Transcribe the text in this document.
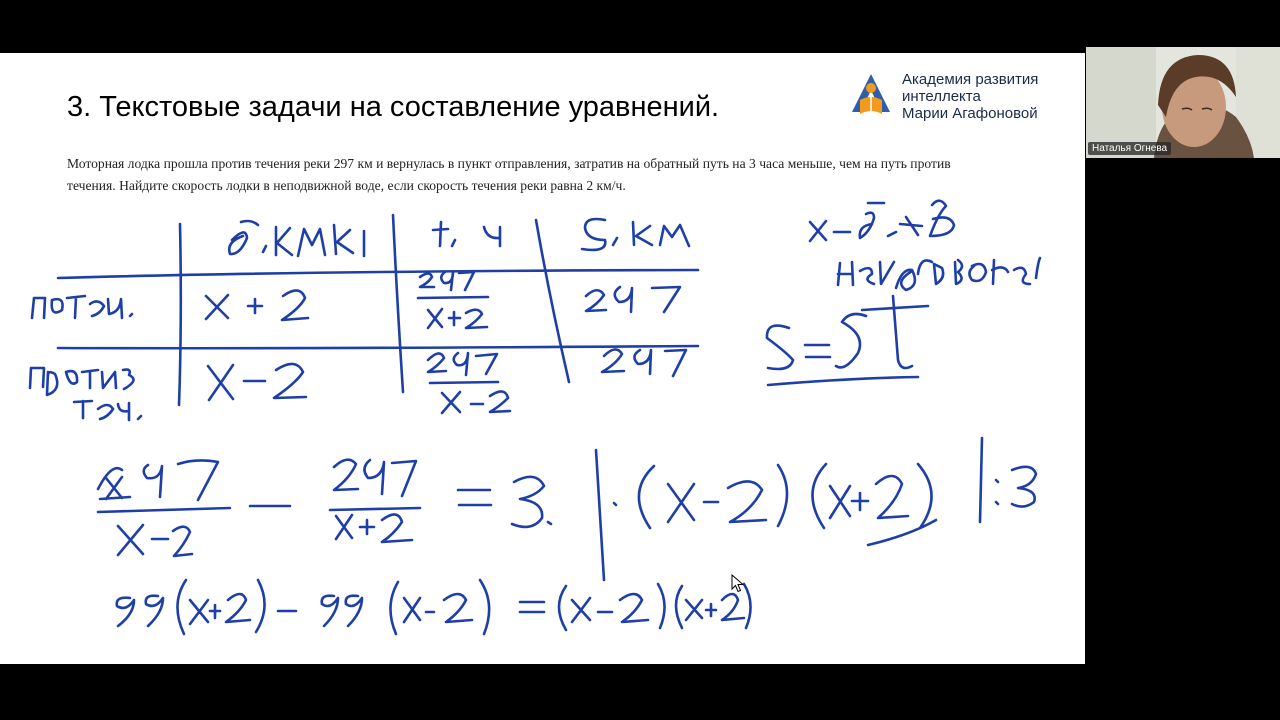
3. Текстовые задачи на составление уравнений.
Академия развития
интеллекта
Марии Агафоновой
Моторная лодка прошла против течения реки 297 км и вернулась в пункт отправления, затратив на обратный путь на 3 часа меньше, чем на путь против течения. Найдите скорость лодки в неподвижной воде, если скорость течения реки равна 2 км/ч.
Наталья Огнева
